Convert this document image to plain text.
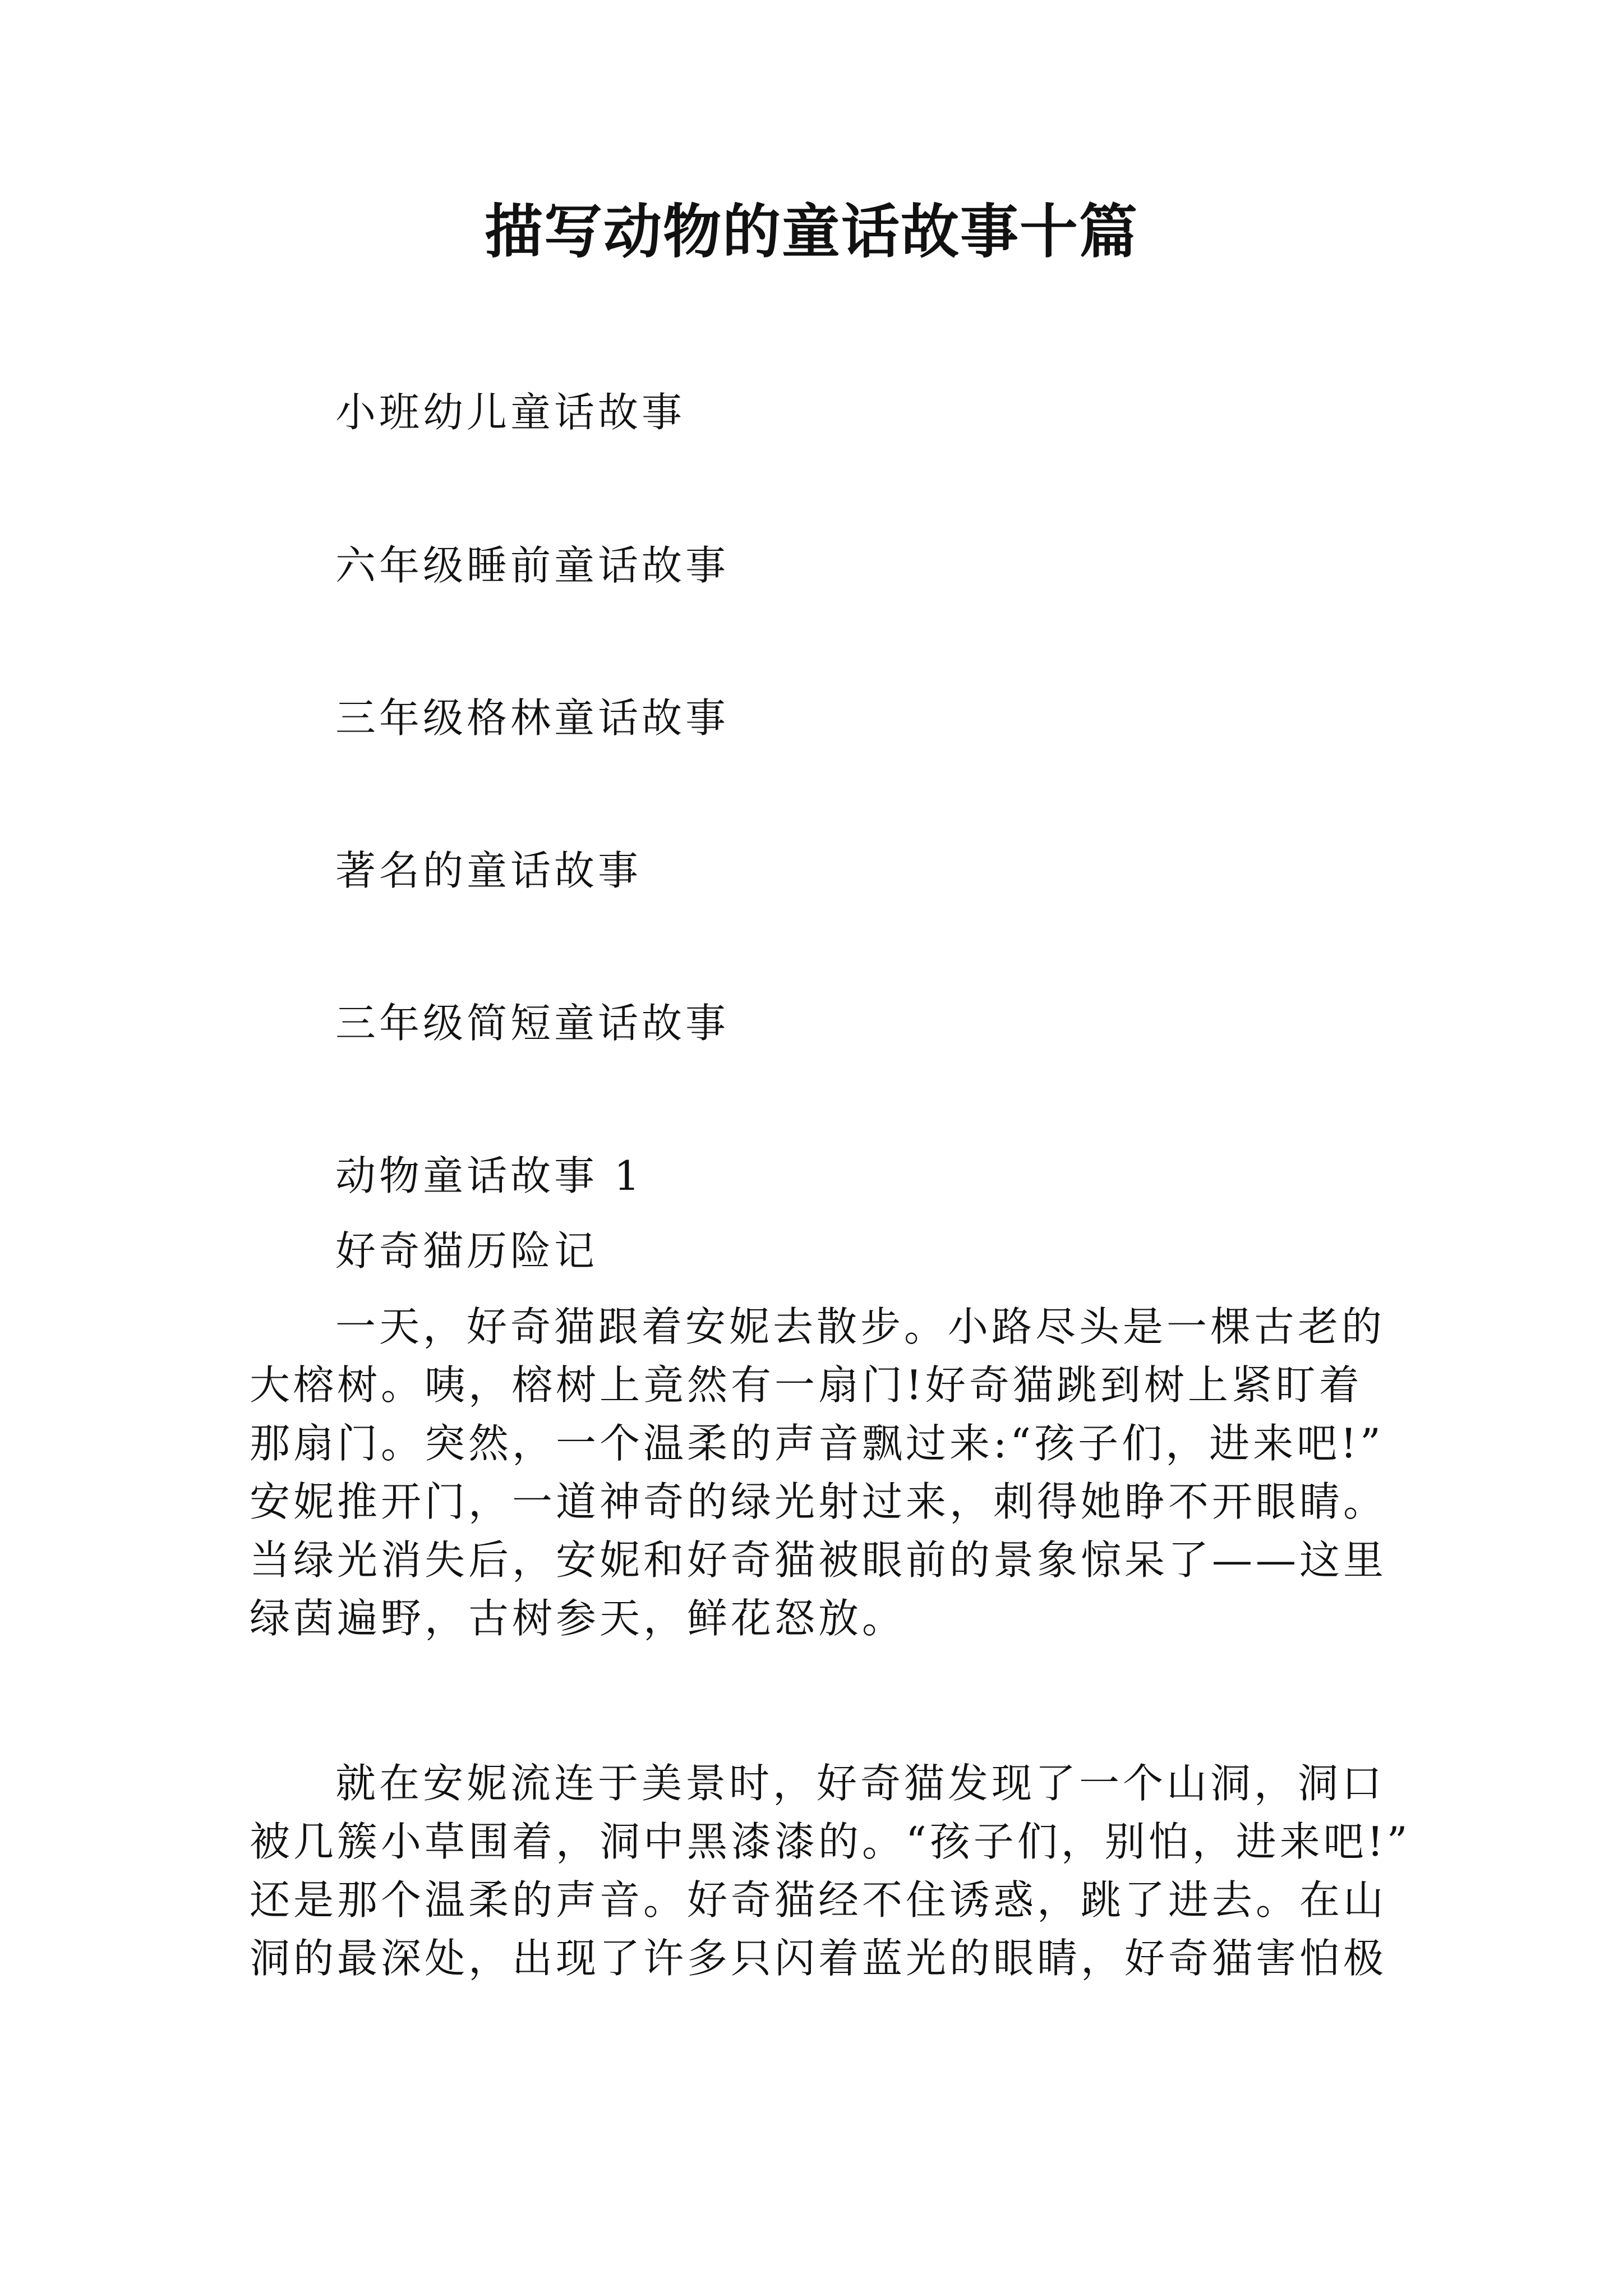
描写动物的童话故事十篇

小班幼儿童话故事

六年级睡前童话故事

三年级格林童话故事

著名的童话故事

三年级简短童话故事

动物童话故事 1

好奇猫历险记

一天，好奇猫跟着安妮去散步。小路尽头是一棵古老的
大榕树。咦，榕树上竟然有一扇门!好奇猫跳到树上紧盯着
那扇门。突然，一个温柔的声音飘过来:“孩子们，进来吧!”
安妮推开门，一道神奇的绿光射过来，刺得她睁不开眼睛。
当绿光消失后，安妮和好奇猫被眼前的景象惊呆了——这里
绿茵遍野，古树参天，鲜花怒放。
就在安妮流连于美景时，好奇猫发现了一个山洞，洞口
被几簇小草围着，洞中黑漆漆的。“孩子们，别怕，进来吧!”
还是那个温柔的声音。好奇猫经不住诱惑，跳了进去。在山
洞的最深处，出现了许多只闪着蓝光的眼睛，好奇猫害怕极
